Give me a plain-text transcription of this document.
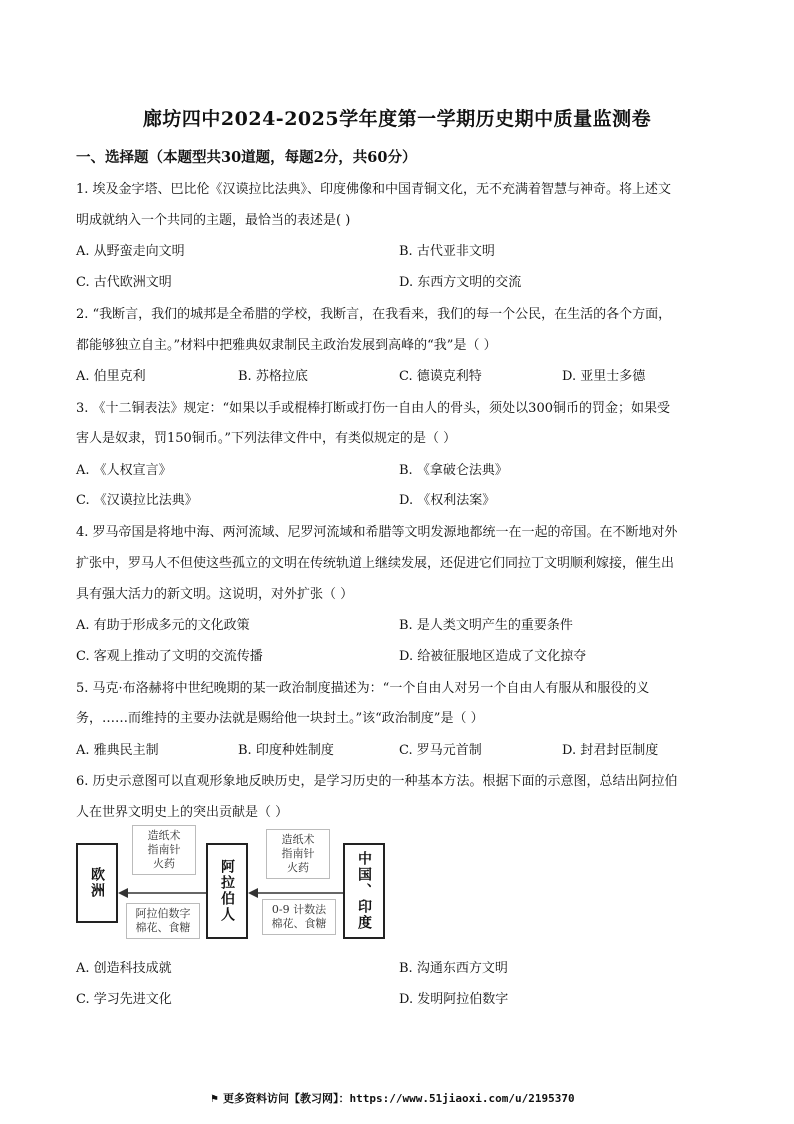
廊坊四中2024-2025学年度第一学期历史期中质量监测卷
一、选择题（本题型共30道题，每题2分，共60分）
1. 埃及金字塔、巴比伦《汉谟拉比法典》、印度佛像和中国青铜文化，无不充满着智慧与神奇。将上述文
明成就纳入一个共同的主题，最恰当的表述是( )
A. 从野蛮走向文明	B. 古代亚非文明
C. 古代欧洲文明	D. 东西方文明的交流
2. “我断言，我们的城邦是全希腊的学校，我断言，在我看来，我们的每一个公民，在生活的各个方面，
都能够独立自主。”材料中把雅典奴隶制民主政治发展到高峰的“我”是（ ）
A. 伯里克利	B. 苏格拉底	C. 德谟克利特	D. 亚里士多德
3. 《十二铜表法》规定：“如果以手或棍棒打断或打伤一自由人的骨头，须处以300铜币的罚金；如果受
害人是奴隶，罚150铜币。”下列法律文件中，有类似规定的是（ ）
A. 《人权宣言》	B. 《拿破仑法典》
C. 《汉谟拉比法典》	D. 《权利法案》
4. 罗马帝国是将地中海、两河流域、尼罗河流域和希腊等文明发源地都统一在一起的帝国。在不断地对外
扩张中，罗马人不但使这些孤立的文明在传统轨道上继续发展，还促进它们同拉丁文明顺利嫁接，催生出
具有强大活力的新文明。这说明，对外扩张（ ）
A. 有助于形成多元的文化政策	B. 是人类文明产生的重要条件
C. 客观上推动了文明的交流传播	D. 给被征服地区造成了文化掠夺
5. 马克·布洛赫将中世纪晚期的某一政治制度描述为：“一个自由人对另一个自由人有服从和服役的义
务，……而维持的主要办法就是赐给他一块封土。”该“政治制度”是（ ）
A. 雅典民主制	B. 印度种姓制度	C. 罗马元首制	D. 封君封臣制度
6. 历史示意图可以直观形象地反映历史，是学习历史的一种基本方法。根据下面的示意图，总结出阿拉伯
人在世界文明史上的突出贡献是（ ）
欧洲	阿拉伯人	中国、印度
造纸术
指南针
火药
阿拉伯数字
棉花、食糖
造纸术
指南针
火药
0-9 计数法
棉花、食糖
A. 创造科技成就	B. 沟通东西方文明
C. 学习先进文化	D. 发明阿拉伯数字
⚑ 更多资料访问【教习网】：https://www.51jiaoxi.com/u/2195370
